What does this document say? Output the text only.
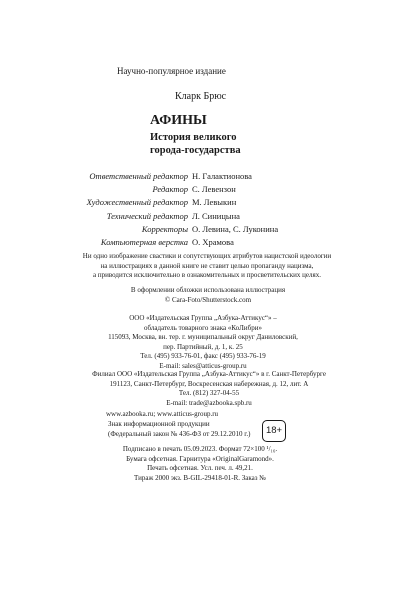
Научно-популярное издание
Кларк Брюс
АФИНЫ

История великого

города-государства

Ответственный редактор Н. Галактионова
Редактор С. Левензон
Художественный редактор М. Левыкин
Технический редактор Л. Синицына
Корректоры О. Левина, С. Луконина
Компьютерная верстка О. Храмова

Ни одно изображение свастики и сопутствующих атрибутов нацистской идеологии

на иллюстрациях в данной книге не ставит целью пропаганду нацизма,

а приводится исключительно в ознакомительных и просветительских целях.

В оформлении обложки использована иллюстрация

© Cara-Foto/Shutterstock.com

ООО «Издательская Группа „Азбука-Аттикус“» –

обладатель товарного знака «КоЛибри»

115093, Москва, вн. тер. г. муниципальный округ Даниловский,

пер. Партийный, д. 1, к. 25

Тел. (495) 933-76-01, факс (495) 933-76-19

E-mail: sales@atticus-group.ru

Филиал ООО «Издательская Группа „Азбука-Аттикус“» в г. Санкт-Петербурге

191123, Санкт-Петербург, Воскресенская набережная, д. 12, лит. А

Тел. (812) 327-04-55

E-mail: trade@azbooka.spb.ru

www.azbooka.ru; www.atticus-group.ru

Знак информационной продукции

(Федеральный закон № 436-ФЗ от 29.12.2010 г.)	18+

Подписано в печать 05.09.2023. Формат 72×100 ¹/₁₆.

Бумага офсетная. Гарнитура «OriginalGaramond».

Печать офсетная. Усл. печ. л. 49,21.

Тираж 2000 экз. B-GIL-29418-01-R. Заказ №
